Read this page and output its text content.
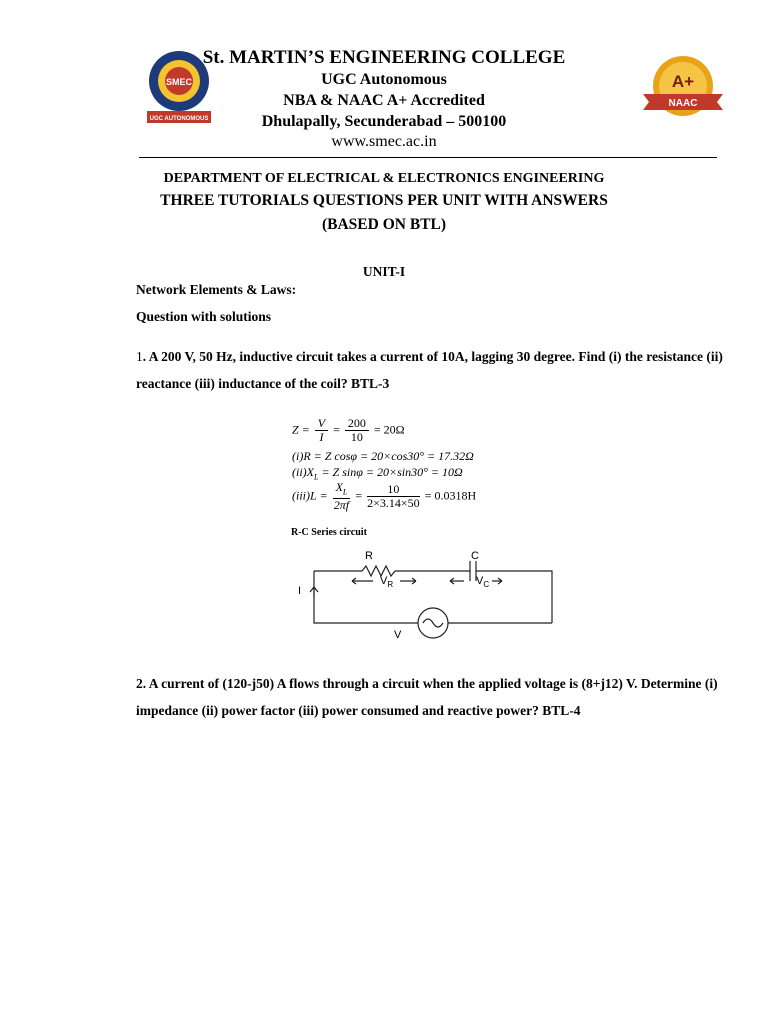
SMEC
UGC AUTONOMOUS
A+
NAAC
St. MARTIN’S ENGINEERING COLLEGE
UGC Autonomous
NBA & NAAC A+ Accredited
Dhulapally, Secunderabad – 500100
www.smec.ac.in
DEPARTMENT OF ELECTRICAL & ELECTRONICS ENGINEERING
THREE TUTORIALS QUESTIONS PER UNIT WITH ANSWERS
(BASED ON BTL)
UNIT-I
Network Elements & Laws:
Question with solutions
1. A 200 V, 50 Hz, inductive circuit takes a current of 10A, lagging 30 degree. Find (i) the resistance (ii) reactance (iii) inductance of the coil? BTL-3
$Z = \frac{V}{I} = \frac{200}{10} = 20\Omega$
(i)R = Z cosφ = 20×cos30° = 17.32Ω
$(ii)X_L = Z$ sinφ = 20×sin30° = 10Ω
$(iii)L = \frac{X_L}{2\pi f} = \frac{10}{2\times 3.14\times 50} = 0.0318H$
R-C Series circuit
R	C
$V_R$	$V_C$
I
V
2. A current of (120-j50) A flows through a circuit when the applied voltage is (8+j12) V. Determine (i) impedance (ii) power factor (iii) power consumed and reactive power? BTL-4
